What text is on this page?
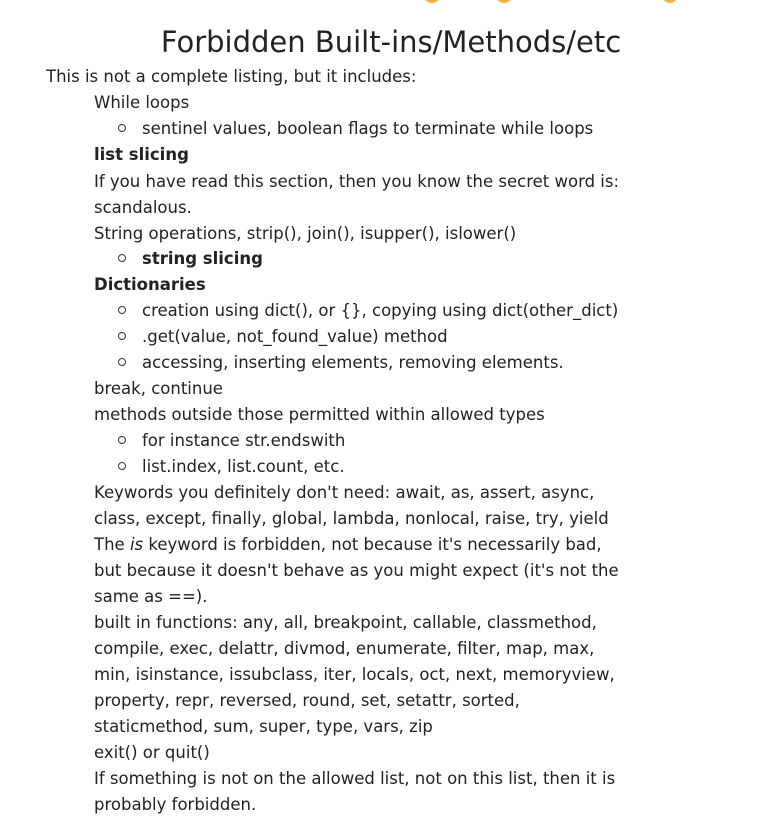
Forbidden Built-ins/Methods/etc

This is not a complete listing, but it includes:

While loops

sentinel values, boolean flags to terminate while loops

list slicing

If you have read this section, then you know the secret word is:

scandalous.

String operations, strip(), join(), isupper(), islower()

string slicing

Dictionaries

creation using dict(), or {}, copying using dict(other_dict)

.get(value, not_found_value) method

accessing, inserting elements, removing elements.

break, continue

methods outside those permitted within allowed types

for instance str.endswith

list.index, list.count, etc.

Keywords you definitely don't need: await, as, assert, async,

class, except, finally, global, lambda, nonlocal, raise, try, yield

The is keyword is forbidden, not because it's necessarily bad,

but because it doesn't behave as you might expect (it's not the

same as ==).

built in functions: any, all, breakpoint, callable, classmethod,

compile, exec, delattr, divmod, enumerate, filter, map, max,

min, isinstance, issubclass, iter, locals, oct, next, memoryview,

property, repr, reversed, round, set, setattr, sorted,

staticmethod, sum, super, type, vars, zip

exit() or quit()

If something is not on the allowed list, not on this list, then it is

probably forbidden.
